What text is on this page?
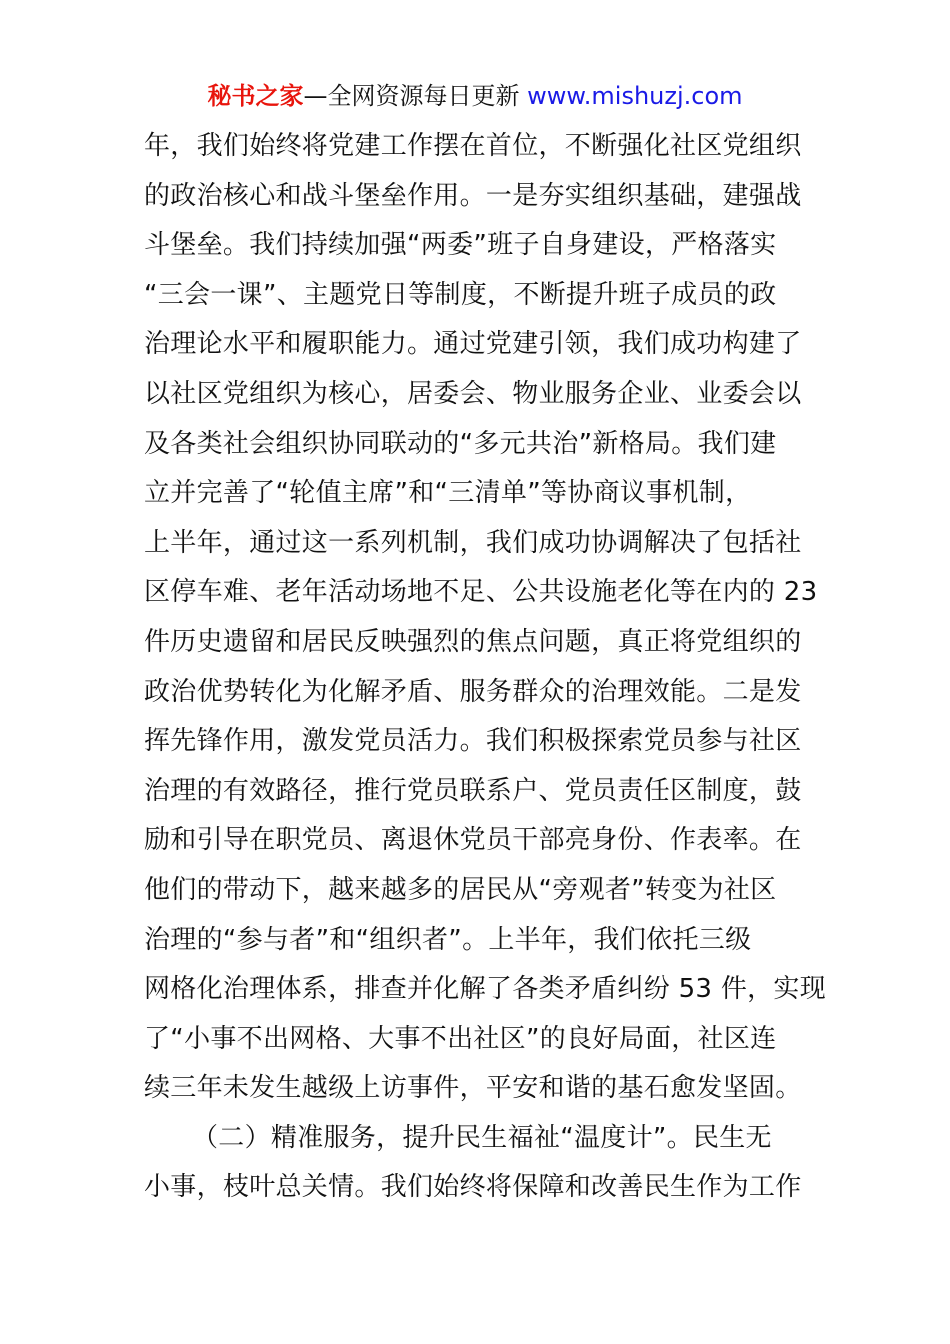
秘书之家—全网资源每日更新 www.mishuzj.com
年，我们始终将党建工作摆在首位，不断强化社区党组织
的政治核心和战斗堡垒作用。一是夯实组织基础，建强战
斗堡垒。我们持续加强“两委”班子自身建设，严格落实
“三会一课”、主题党日等制度，不断提升班子成员的政
治理论水平和履职能力。通过党建引领，我们成功构建了
以社区党组织为核心，居委会、物业服务企业、业委会以
及各类社会组织协同联动的“多元共治”新格局。我们建
立并完善了“轮值主席”和“三清单”等协商议事机制，
上半年，通过这一系列机制，我们成功协调解决了包括社
区停车难、老年活动场地不足、公共设施老化等在内的 23
件历史遗留和居民反映强烈的焦点问题，真正将党组织的
政治优势转化为化解矛盾、服务群众的治理效能。二是发
挥先锋作用，激发党员活力。我们积极探索党员参与社区
治理的有效路径，推行党员联系户、党员责任区制度，鼓
励和引导在职党员、离退休党员干部亮身份、作表率。在
他们的带动下，越来越多的居民从“旁观者”转变为社区
治理的“参与者”和“组织者”。上半年，我们依托三级
网格化治理体系，排查并化解了各类矛盾纠纷 53 件，实现
了“小事不出网格、大事不出社区”的良好局面，社区连
续三年未发生越级上访事件，平安和谐的基石愈发坚固。
（二）精准服务，提升民生福祉“温度计”。民生无
小事，枝叶总关情。我们始终将保障和改善民生作为工作
